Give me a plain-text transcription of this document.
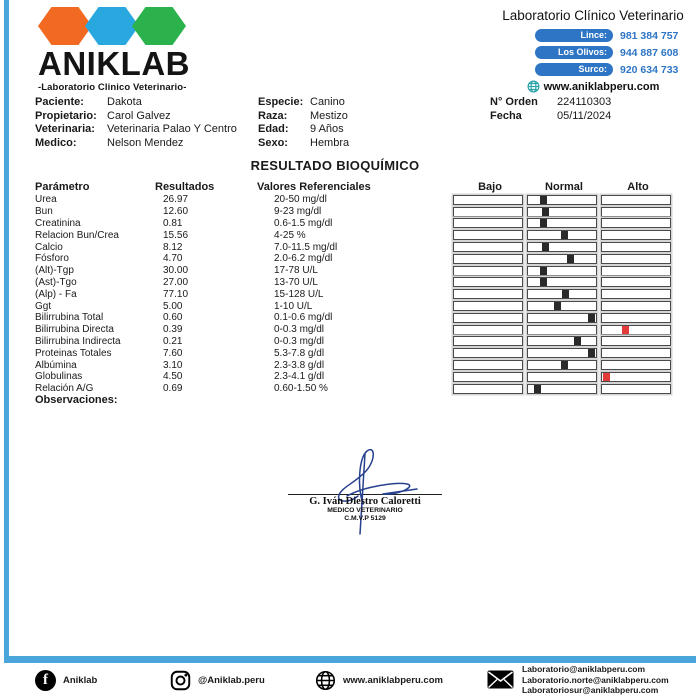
ANIKLAB
-Laboratorio Clinico Veterinario-
Laboratorio Clínico Veterinario
Lince:	981 384 757
Los Olivos:	944 887 608
Surco:	920 634 733
www.aniklabperu.com
Paciente:	Dakota
Propietario: Carol Galvez
Veterinaria:	Veterinaria Palao Y Centro
Medico:	Nelson Mendez
Especie: Canino
Raza:	Mestizo
Edad:	9 Años
Sexo:	Hembra
N° Orden	224110303
Fecha	05/11/2024
RESULTADO BIOQUÍMICO
Parámetro	Resultados	Valores Referenciales	Bajo	Normal	Alto
Urea	26.97	20-50 mg/dl
Bun	12.60	9-23 mg/dl
Creatinina	0.81	0.6-1.5 mg/dl
Relacion Bun/Crea	15.56	4-25 %
Calcio	8.12	7.0-11.5 mg/dl
Fósforo	4.70	2.0-6.2 mg/dl
(Alt)-Tgp	30.00	17-78 U/L
(Ast)-Tgo	27.00	13-70 U/L
(Alp) - Fa	77.10	15-128 U/L
Ggt	5.00	1-10 U/L
Bilirrubina Total	0.60	0.1-0.6 mg/dl
Bilirrubina Directa	0.39	0-0.3 mg/dl
Bilirrubina Indirecta	0.21	0-0.3 mg/dl
Proteinas Totales	7.60	5.3-7.8 g/dl
Albúmina	3.10	2.3-3.8 g/dl
Globulinas	4.50	2.3-4.1 g/dl
Relación A/G	0.69	0.60-1.50 %
Observaciones:
G. Iván Diestro Caloretti
MEDICO VETERINARIO
C.M.V.P 5129
f	Aniklab	@Aniklab.peru	www.aniklabperu.com
Laboratorio@aniklabperu.com
Laboratorio.norte@aniklabperu.com
Laboratoriosur@aniklabperu.com
